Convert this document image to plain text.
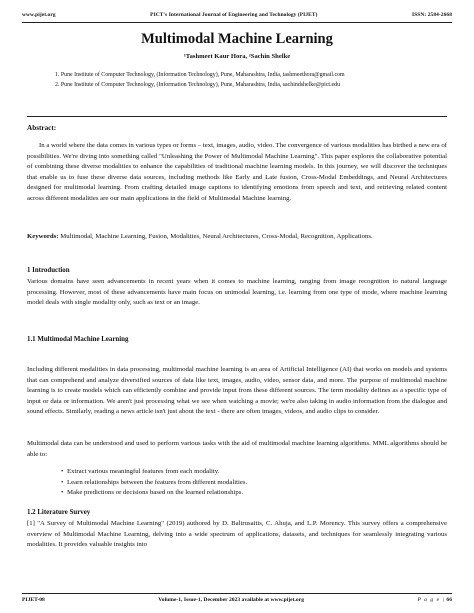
www.pijet.org	PICT's International Journal of Engineering and Technology (PIJET)	ISSN: 2584-2668
Multimodal Machine Learning
¹Tashmeet Kaur Hora, ²Sachin Shelke
1. Pune Institute of Computer Technology, (Information Technology), Pune, Maharashtra, India, tashmeethora@gmail.com
2. Pune Institute of Computer Technology, (Information Technology), Pune, Maharashtra, India, sachindshelke@pict.edu
Abstract:
In a world where the data comes in various types or forms – text, images, audio, video. The convergence of various modalities has birthed a new era of possibilities. We're diving into something called "Unleashing the Power of Multimodal Machine Learning". This paper explores the collaborative potential of combining these diverse modalities to enhance the capabilities of traditional machine learning models. In this journey, we will discover the techniques that enable us to fuse these diverse data sources, including methods like Early and Late fusion, Cross-Modal Embeddings, and Neural Architectures designed for multimodal learning. From crafting detailed image captions to identifying emotions from speech and text, and retrieving related content across different modalities are our main applications in the field of Multimodal Machine learning.
Keywords: Multimodal, Machine Learning, Fusion, Modalities, Neural Architectures, Cross-Modal, Recognition, Applications.
1 Introduction
Various domains have seen advancements in recent years when it comes to machine learning, ranging from image recognition to natural language processing. However, most of these advancements have main focus on unimodal learning, i.e. learning from one type of mode, where machine learning model deals with single modality only, such as text or an image.
1.1 Multimodal Machine Learning
Including different modalities in data processing, multimodal machine learning is an area of Artificial Intelligence (AI) that works on models and systems that can comprehend and analyze diversified sources of data like text, images, audio, video, sensor data, and more. The purpose of multimodal machine learning is to create models which can efficiently combine and provide input from these different sources. The term modality defines as a specific type of input or data or information. We aren't just processing what we see when watching a movie; we're also taking in audio information from the dialogue and sound effects. Similarly, reading a news article isn't just about the text - there are often images, videos, and audio clips to consider.
Multimodal data can be understood and used to perform various tasks with the aid of multimodal machine learning algorithms. MML algorithms should be able to:
• Extract various meaningful features from each modality.
• Learn relationships between the features from different modalities.
• Make predictions or decisions based on the learned relationships.
1.2 Literature Survey
[1] "A Survey of Multimodal Machine Learning" (2019) authored by D. Baltrusaitis, C. Ahuja, and L.P. Morency. This survey offers a comprehensive overview of Multimodal Machine Learning, delving into a wide spectrum of applications, datasets, and techniques for seamlessly integrating various modalities. It provides valuable insights into
PIJET-08	Volume-1, Issue-1, December 2023 available at www.pijet.org	P a g e | 66
